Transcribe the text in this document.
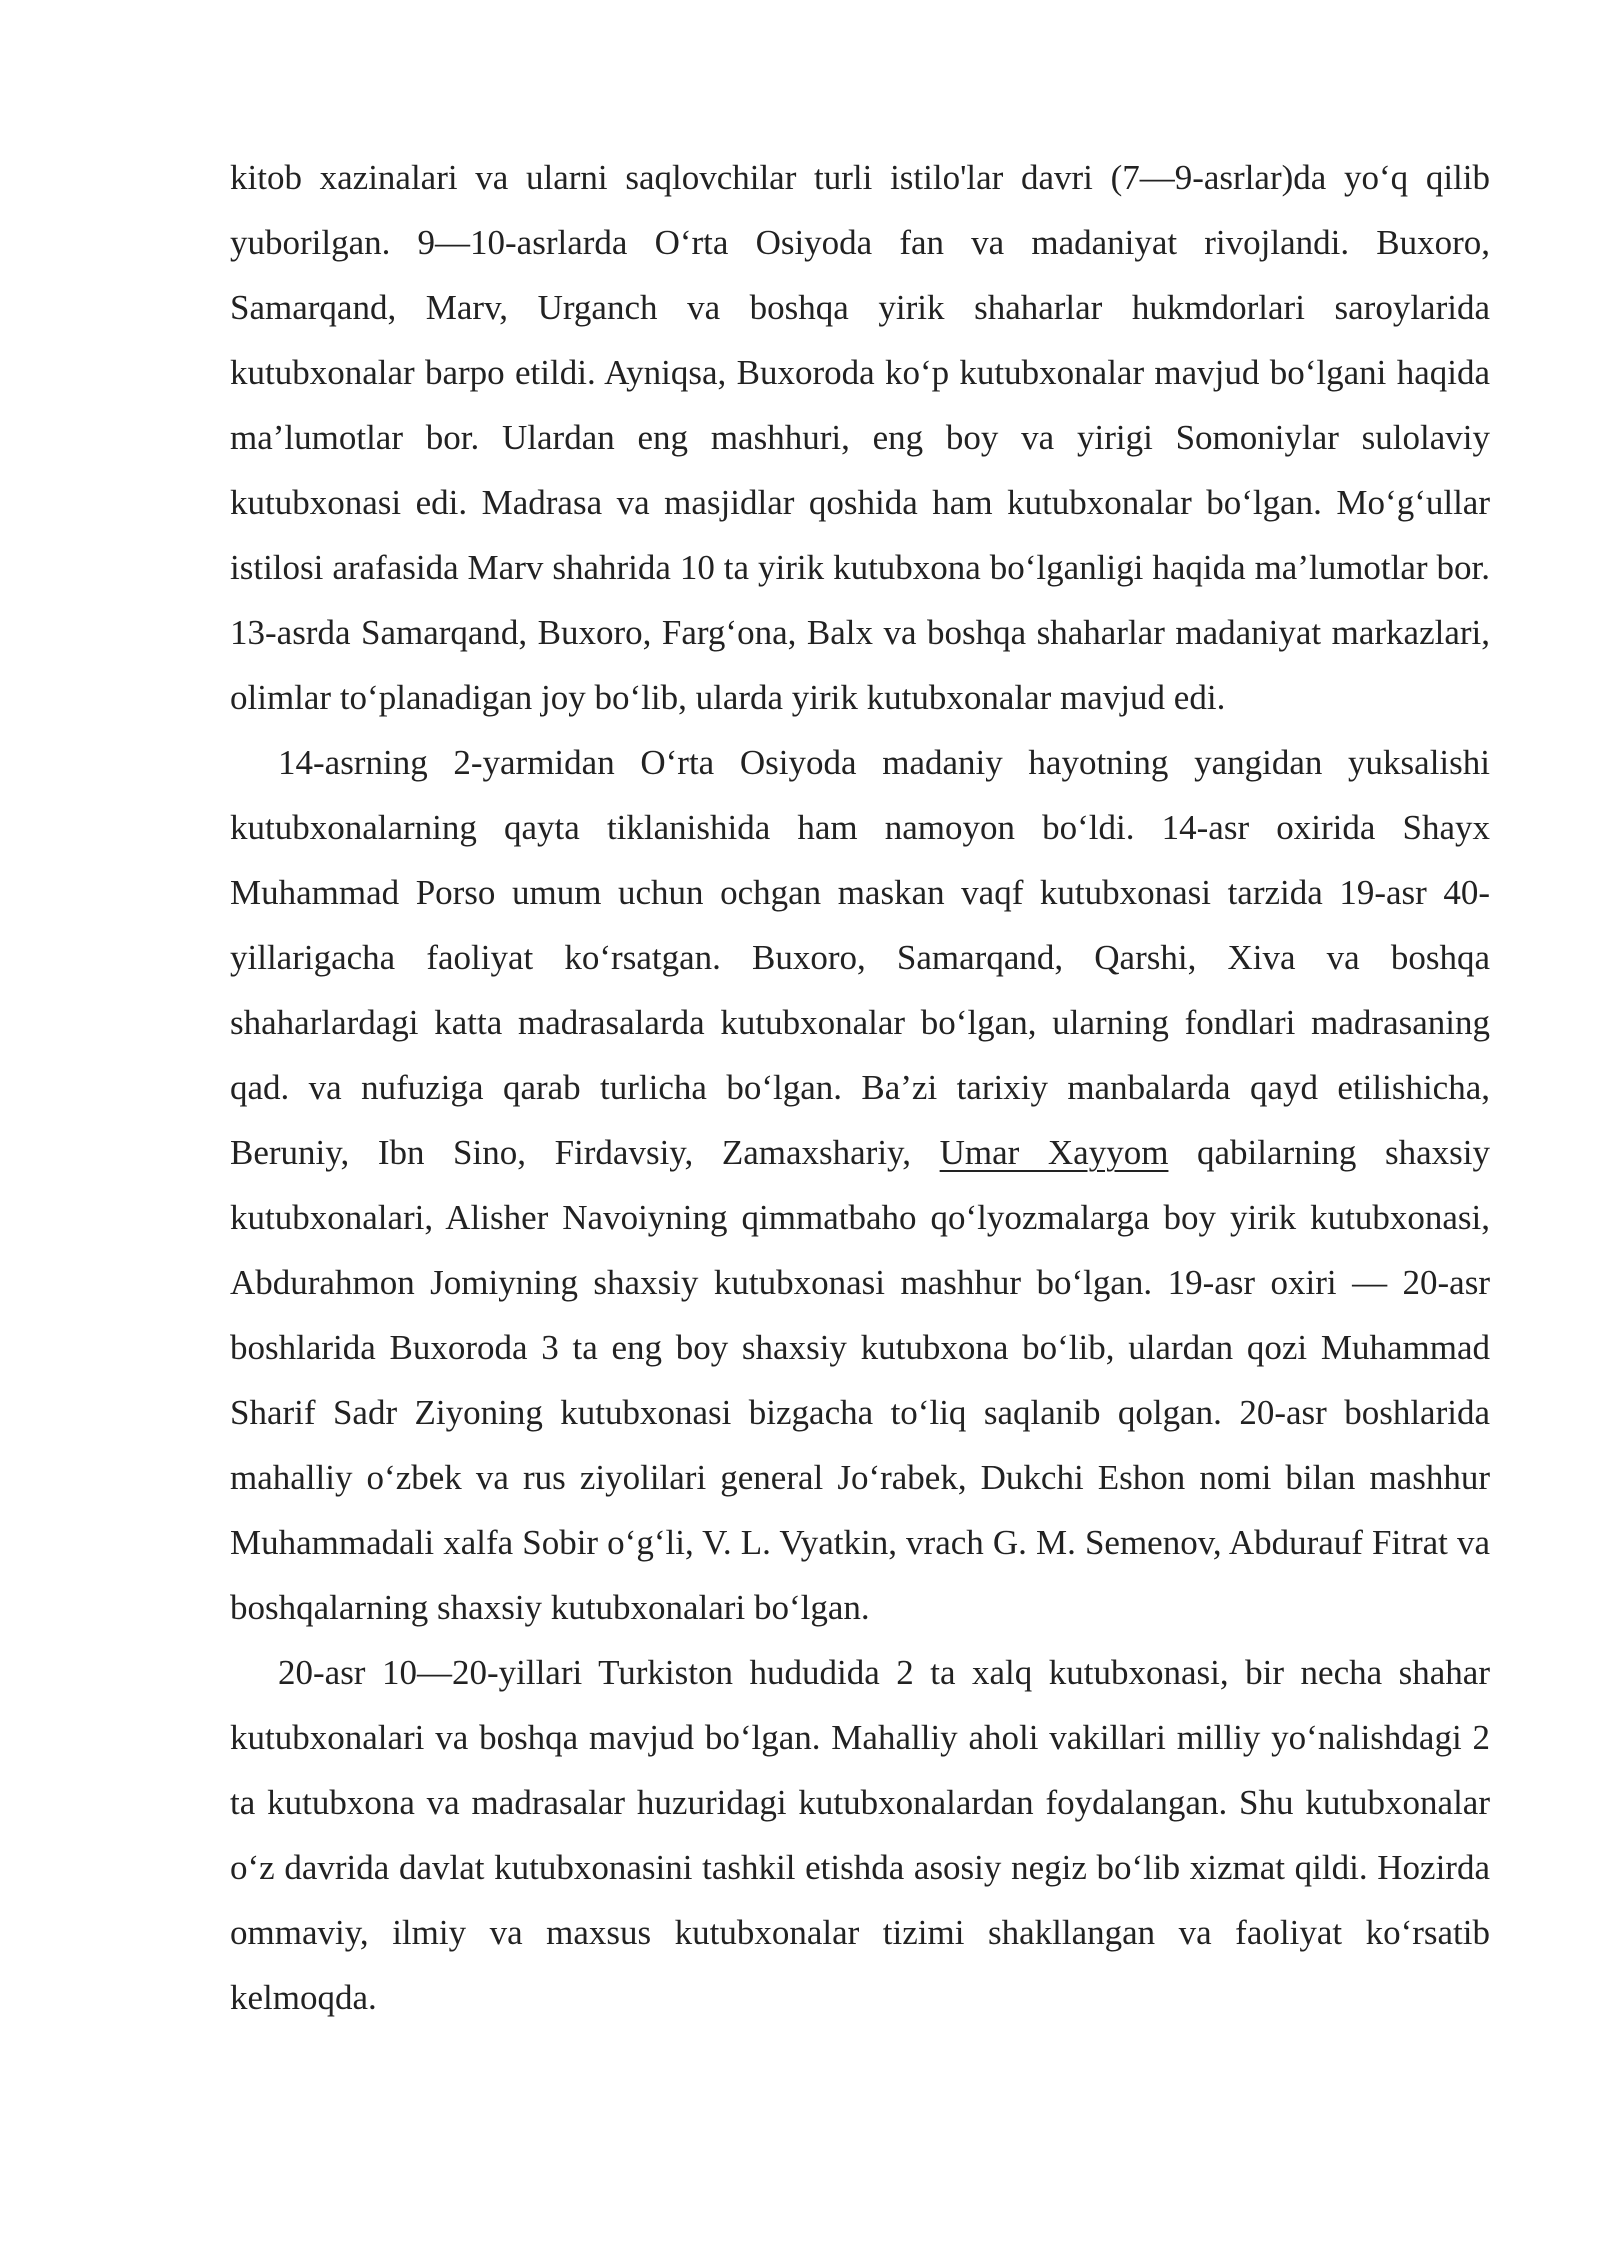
kitob xazinalari va ularni saqlovchilar turli istilo'lar davri (7—9-asrlar)da yo‘q qilib yuborilgan. 9—10-asrlarda O‘rta Osiyoda fan va madaniyat rivojlandi. Buxoro, Samarqand, Marv, Urganch va boshqa yirik shaharlar hukmdorlari saroylarida kutubxonalar barpo etildi. Ayniqsa, Buxoroda ko‘p kutubxonalar mavjud bo‘lgani haqida ma’lumotlar bor. Ulardan eng mashhuri, eng boy va yirigi Somoniylar sulolaviy kutubxonasi edi. Madrasa va masjidlar qoshida ham kutubxonalar bo‘lgan. Mo‘g‘ullar istilosi arafasida Marv shahrida 10 ta yirik kutubxona bo‘lganligi haqida ma’lumotlar bor. 13-asrda Samarqand, Buxoro, Farg‘ona, Balx va boshqa shaharlar madaniyat markazlari, olimlar to‘planadigan joy bo‘lib, ularda yirik kutubxonalar mavjud edi.

14-asrning 2-yarmidan O‘rta Osiyoda madaniy hayotning yangidan yuksalishi kutubxonalarning qayta tiklanishida ham namoyon bo‘ldi. 14-asr oxirida Shayx Muhammad Porso umum uchun ochgan maskan vaqf kutubxonasi tarzida 19-asr 40-yillarigacha faoliyat ko‘rsatgan. Buxoro, Samarqand, Qarshi, Xiva va boshqa shaharlardagi katta madrasalarda kutubxonalar bo‘lgan, ularning fondlari madrasaning qad. va nufuziga qarab turlicha bo‘lgan. Ba’zi tarixiy manbalarda qayd etilishicha, Beruniy, Ibn Sino, Firdavsiy, Zamaxshariy, Umar Xayyom qabilarning shaxsiy kutubxonalari, Alisher Navoiyning qimmatbaho qo‘lyozmalarga boy yirik kutubxonasi, Abdurahmon Jomiyning shaxsiy kutubxonasi mashhur bo‘lgan. 19-asr oxiri — 20-asr boshlarida Buxoroda 3 ta eng boy shaxsiy kutubxona bo‘lib, ulardan qozi Muhammad Sharif Sadr Ziyoning kutubxonasi bizgacha to‘liq saqlanib qolgan. 20-asr boshlarida mahalliy o‘zbek va rus ziyolilari general Jo‘rabek, Dukchi Eshon nomi bilan mashhur Muhammadali xalfa Sobir o‘g‘li, V. L. Vyatkin, vrach G. M. Semenov, Abdurauf Fitrat va boshqalarning shaxsiy kutubxonalari bo‘lgan.

20-asr 10—20-yillari Turkiston hududida 2 ta xalq kutubxonasi, bir necha shahar kutubxonalari va boshqa mavjud bo‘lgan. Mahalliy aholi vakillari milliy yo‘nalishdagi 2 ta kutubxona va madrasalar huzuridagi kutubxonalardan foydalangan. Shu kutubxonalar o‘z davrida davlat kutubxonasini tashkil etishda asosiy negiz bo‘lib xizmat qildi. Hozirda ommaviy, ilmiy va maxsus kutubxonalar tizimi shakllangan va faoliyat ko‘rsatib kelmoqda.
